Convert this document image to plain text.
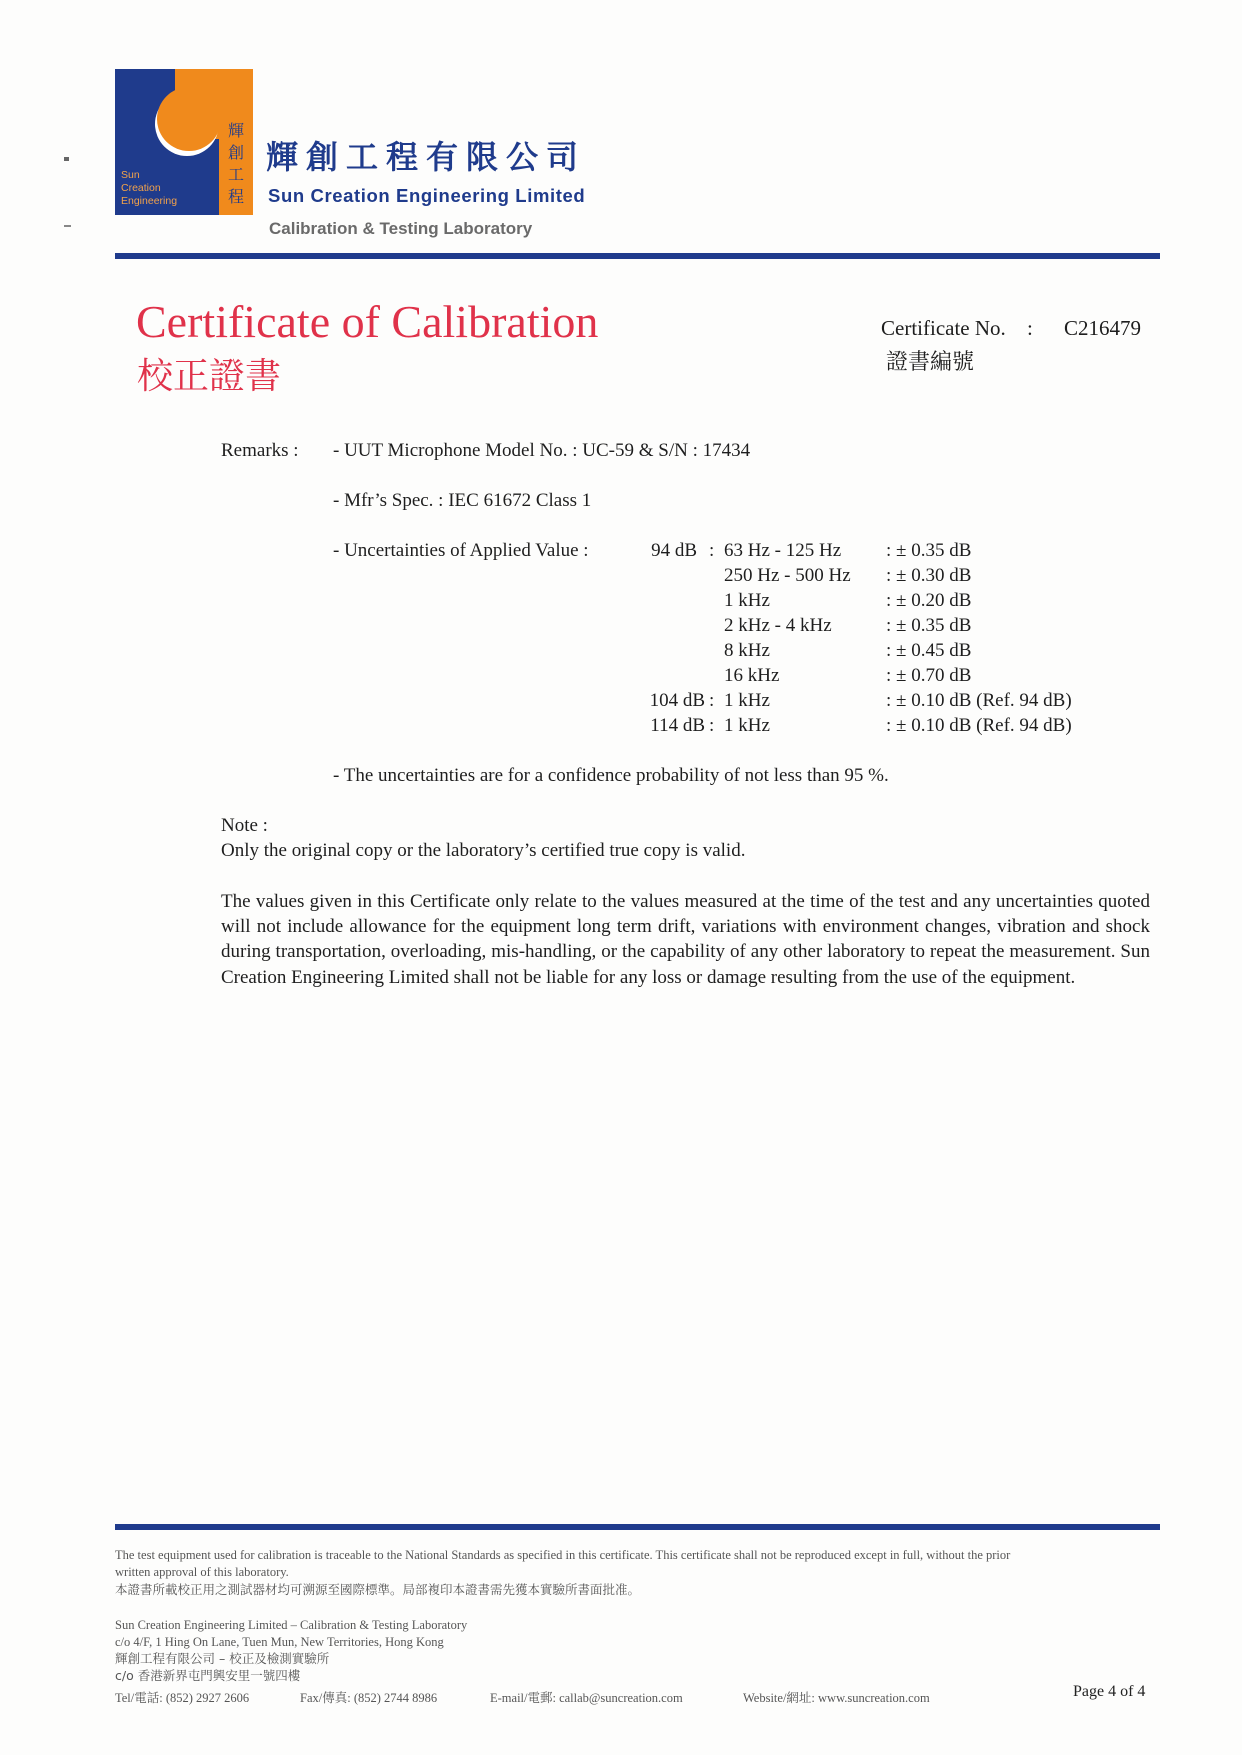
Sun
Creation
Engineering
輝
創
工
程
輝創工程有限公司
Sun Creation Engineering Limited
Calibration & Testing Laboratory
Certificate of Calibration
校正證書
Certificate No. : C216479
證書編號
Remarks : - UUT Microphone Model No. : UC-59 & S/N : 17434
- Mfr’s Spec. : IEC 61672 Class 1
- Uncertainties of Applied Value :	94 dB : 63 Hz - 125 Hz : ± 0.35 dB
250 Hz - 500 Hz : ± 0.30 dB
1 kHz	: ± 0.20 dB
2 kHz - 4 kHz	: ± 0.35 dB
8 kHz	: ± 0.45 dB
16 kHz	: ± 0.70 dB
104 dB : 1 kHz	: ± 0.10 dB (Ref. 94 dB)
114 dB : 1 kHz	: ± 0.10 dB (Ref. 94 dB)
- The uncertainties are for a confidence probability of not less than 95 %.
Note :
Only the original copy or the laboratory’s certified true copy is valid.
The values given in this Certificate only relate to the values measured at the time of the test and any uncertainties quoted will not include allowance for the equipment long term drift, variations with environment changes, vibration and shock during transportation, overloading, mis-handling, or the capability of any other laboratory to repeat the measurement. Sun Creation Engineering Limited shall not be liable for any loss or damage resulting from the use of the equipment.
The test equipment used for calibration is traceable to the National Standards as specified in this certificate. This certificate shall not be reproduced except in full, without the prior
written approval of this laboratory.
本證書所載校正用之測試器材均可溯源至國際標準。局部複印本證書需先獲本實驗所書面批准。
Sun Creation Engineering Limited – Calibration & Testing Laboratory
c/o 4/F, 1 Hing On Lane, Tuen Mun, New Territories, Hong Kong
輝創工程有限公司 – 校正及檢測實驗所
c/o 香港新界屯門興安里一號四樓
Tel/電話: (852) 2927 2606	Fax/傳真: (852) 2744 8986	E-mail/電郵: callab@suncreation.com	Website/網址: www.suncreation.com	Page 4 of 4
